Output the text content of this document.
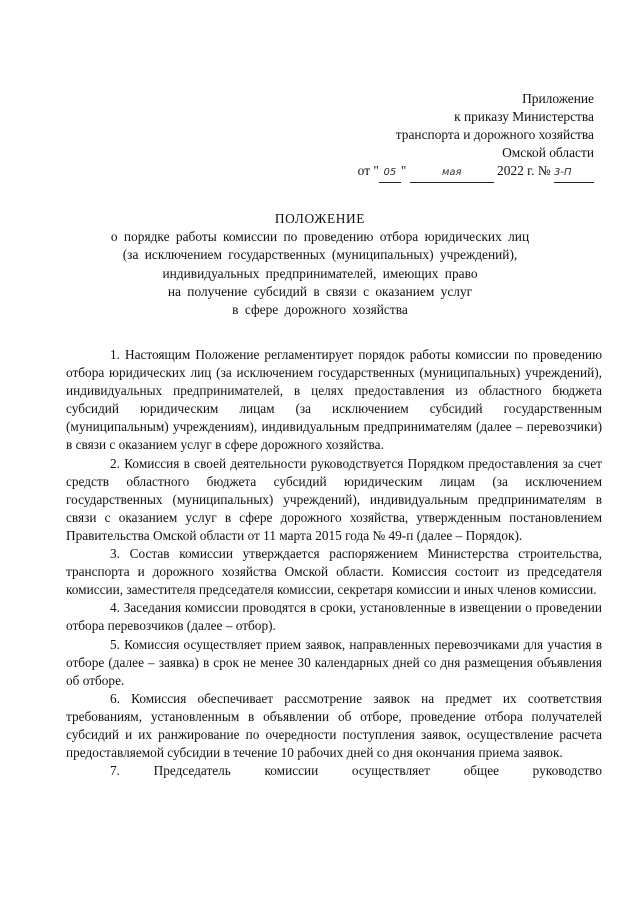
Приложение
к приказу Министерства
транспорта и дорожного хозяйства
Омской области
от " 05 "	мая	2022 г. № 3-П
ПОЛОЖЕНИЕ
о порядке работы комиссии по проведению отбора юридических лиц
(за исключением государственных (муниципальных) учреждений),
индивидуальных предпринимателей, имеющих право
на получение субсидий в связи с оказанием услуг
в сфере дорожного хозяйства

1. Настоящим Положение регламентирует порядок работы комиссии по проведению отбора юридических лиц (за исключением государственных (муниципальных) учреждений), индивидуальных предпринимателей, в целях предоставления из областного бюджета субсидий юридическим лицам (за исключением субсидий государственным (муниципальным) учреждениям), индивидуальным предпринимателям (далее – перевозчики) в связи с оказанием услуг в сфере дорожного хозяйства.

2. Комиссия в своей деятельности руководствуется Порядком предоставления за счет средств областного бюджета субсидий юридическим лицам (за исключением государственных (муниципальных) учреждений), индивидуальным предпринимателям в связи с оказанием услуг в сфере дорожного хозяйства, утвержденным постановлением Правительства Омской области от 11 марта 2015 года № 49-п (далее – Порядок).

3. Состав комиссии утверждается распоряжением Министерства строительства, транспорта и дорожного хозяйства Омской области. Комиссия состоит из председателя комиссии, заместителя председателя комиссии, секретаря комиссии и иных членов комиссии.

4. Заседания комиссии проводятся в сроки, установленные в извещении о проведении отбора перевозчиков (далее – отбор).

5. Комиссия осуществляет прием заявок, направленных перевозчиками для участия в отборе (далее – заявка) в срок не менее 30 календарных дней со дня размещения объявления об отборе.

6. Комиссия обеспечивает рассмотрение заявок на предмет их соответствия требованиям, установленным в объявлении об отборе, проведение отбора получателей субсидий и их ранжирование по очередности поступления заявок, осуществление расчета предоставляемой субсидии в течение 10 рабочих дней со дня окончания приема заявок.

7. Председатель комиссии осуществляет общее руководство
